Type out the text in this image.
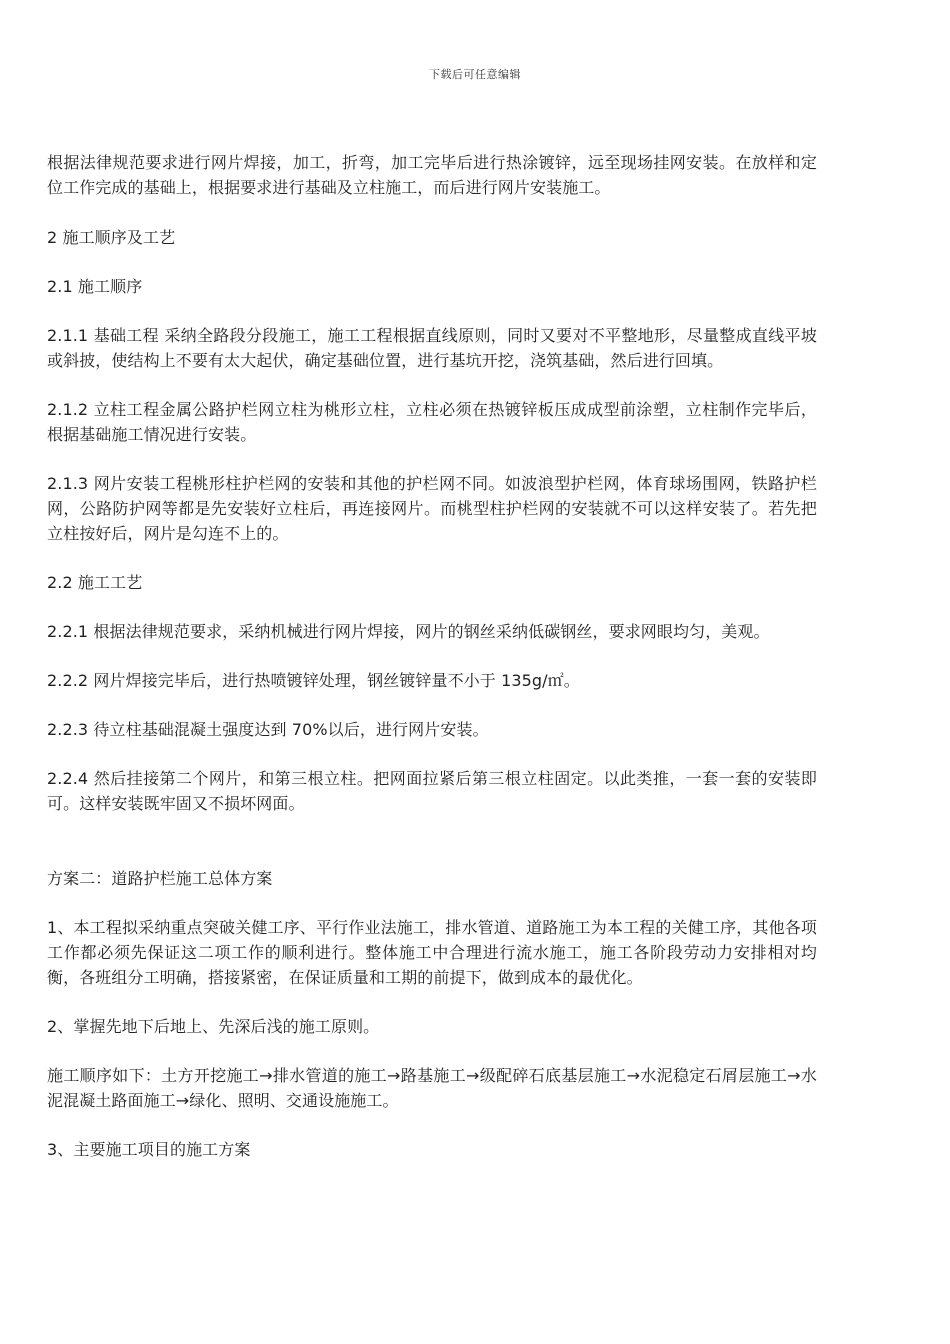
下载后可任意编辑

根据法律规范要求进行网片焊接，加工，折弯，加工完毕后进行热涂镀锌，远至现场挂网安装。在放样和定位工作完成的基础上，根据要求进行基础及立柱施工，而后进行网片安装施工。

2 施工顺序及工艺

2.1 施工顺序

2.1.1 基础工程 采纳全路段分段施工，施工工程根据直线原则，同时又要对不平整地形，尽量整成直线平坡或斜披，使结构上不要有太大起伏，确定基础位置，进行基坑开挖，浇筑基础，然后进行回填。

2.1.2 立柱工程金属公路护栏网立柱为桃形立柱，立柱必须在热镀锌板压成成型前涂塑，立柱制作完毕后，根据基础施工情况进行安装。

2.1.3 网片安装工程桃形柱护栏网的安装和其他的护栏网不同。如波浪型护栏网，体育球场围网，铁路护栏网，公路防护网等都是先安装好立柱后，再连接网片。而桃型柱护栏网的安装就不可以这样安装了。若先把立柱按好后，网片是勾连不上的。

2.2 施工工艺

2.2.1 根据法律规范要求，采纳机械进行网片焊接，网片的钢丝采纳低碳钢丝，要求网眼均匀，美观。

2.2.2 网片焊接完毕后，进行热喷镀锌处理，钢丝镀锌量不小于 135g/㎡。

2.2.3 待立柱基础混凝土强度达到 70%以后，进行网片安装。

2.2.4 然后挂接第二个网片，和第三根立柱。把网面拉紧后第三根立柱固定。以此类推，一套一套的安装即可。这样安装既牢固又不损坏网面。

方案二：道路护栏施工总体方案

1、本工程拟采纳重点突破关健工序、平行作业法施工，排水管道、道路施工为本工程的关健工序，其他各项工作都必须先保证这二项工作的顺利进行。整体施工中合理进行流水施工，施工各阶段劳动力安排相对均衡，各班组分工明确，搭接紧密，在保证质量和工期的前提下，做到成本的最优化。

2、掌握先地下后地上、先深后浅的施工原则。

施工顺序如下：土方开挖施工→排水管道的施工→路基施工→级配碎石底基层施工→水泥稳定石屑层施工→水泥混凝土路面施工→绿化、照明、交通设施施工。

3、主要施工项目的施工方案
